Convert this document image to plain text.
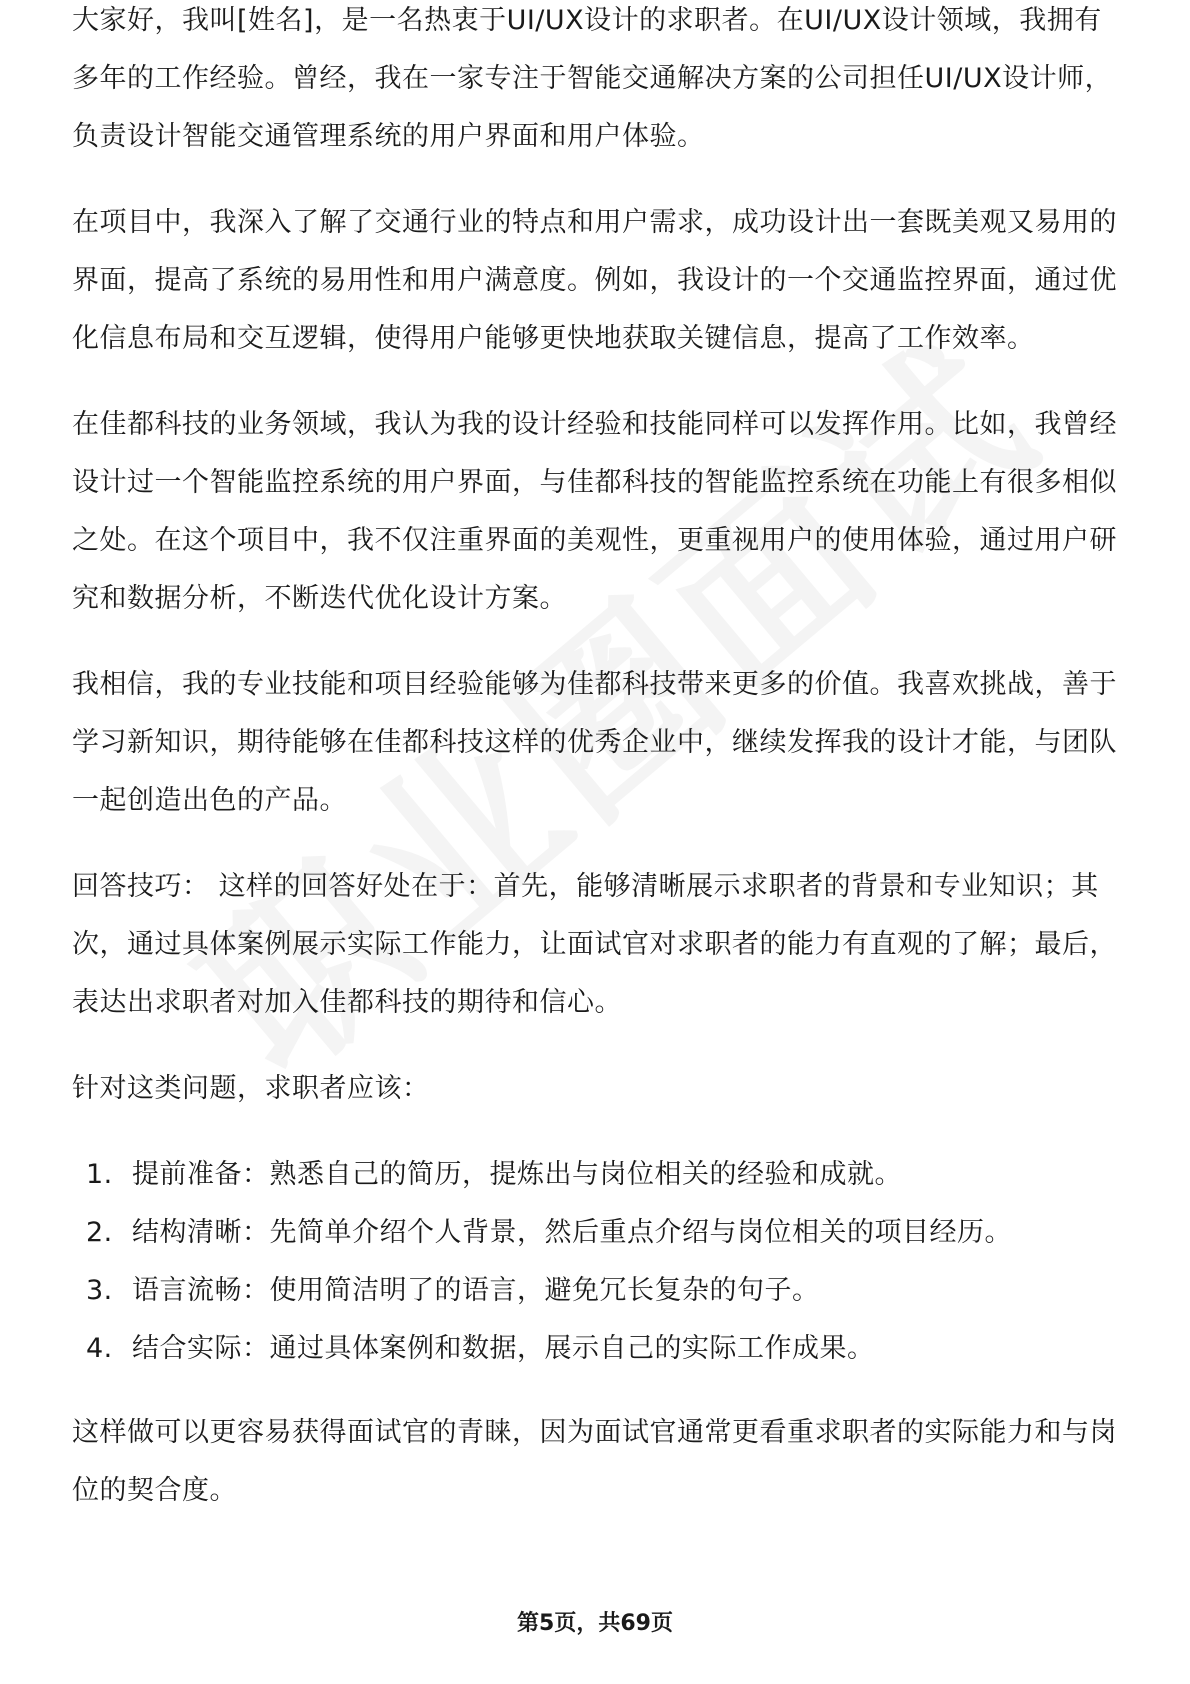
大家好，我叫[姓名]，是一名热衷于UI/UX设计的求职者。在UI/UX设计领域，我拥有多年的工作经验。曾经，我在一家专注于智能交通解决方案的公司担任UI/UX设计师，负责设计智能交通管理系统的用户界面和用户体验。

在项目中，我深入了解了交通行业的特点和用户需求，成功设计出一套既美观又易用的界面，提高了系统的易用性和用户满意度。例如，我设计的一个交通监控界面，通过优化信息布局和交互逻辑，使得用户能够更快地获取关键信息，提高了工作效率。

在佳都科技的业务领域，我认为我的设计经验和技能同样可以发挥作用。比如，我曾经设计过一个智能监控系统的用户界面，与佳都科技的智能监控系统在功能上有很多相似之处。在这个项目中，我不仅注重界面的美观性，更重视用户的使用体验，通过用户研究和数据分析，不断迭代优化设计方案。

我相信，我的专业技能和项目经验能够为佳都科技带来更多的价值。我喜欢挑战，善于学习新知识，期待能够在佳都科技这样的优秀企业中，继续发挥我的设计才能，与团队一起创造出色的产品。

回答技巧： 这样的回答好处在于：首先，能够清晰展示求职者的背景和专业知识；其次，通过具体案例展示实际工作能力，让面试官对求职者的能力有直观的了解；最后，表达出求职者对加入佳都科技的期待和信心。

针对这类问题，求职者应该：

1. 提前准备：熟悉自己的简历，提炼出与岗位相关的经验和成就。
2. 结构清晰：先简单介绍个人背景，然后重点介绍与岗位相关的项目经历。
3. 语言流畅：使用简洁明了的语言，避免冗长复杂的句子。
4. 结合实际：通过具体案例和数据，展示自己的实际工作成果。

这样做可以更容易获得面试官的青睐，因为面试官通常更看重求职者的实际能力和与岗位的契合度。

第5页，共69页
